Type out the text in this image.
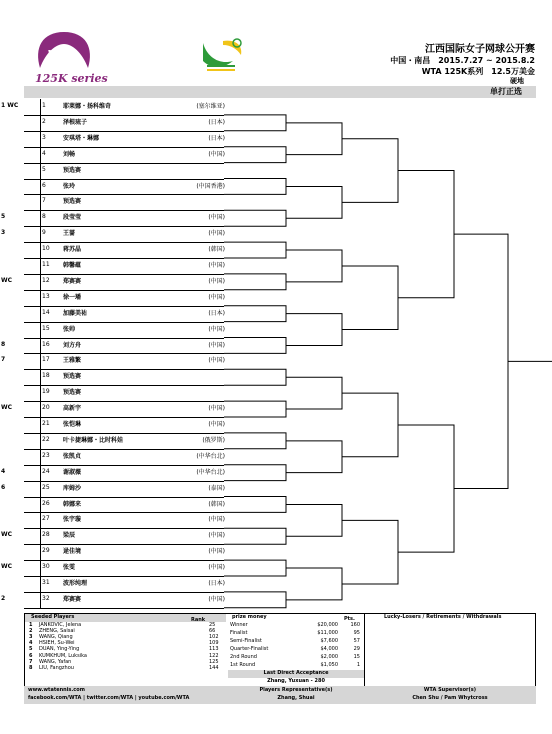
WTA
125K series
江西国际女子网球公开赛
中国・南昌　2015.7.27 ~ 2015.8.2
WTA 125K系列　12.5万美金
硬地
单打正选
1 WC	1	耶莱娜・扬科维奇	(塞尔维亚)
2	泽根琉子	(日本)
3	安琪塔・琳娜	(日本)
4	刘畅	(中国)
5	预选赛
6	张玲	(中国香港)
7	预选赛
5	8	段莹莹	(中国)
3	9	王蔷	(中国)
10 蒋苏晶	(韩国)
11 韩馨蕴	(中国)
WC	12 郑赛赛	(中国)
13 徐一璠	(中国)
14 加藤美祐	(日本)
15 张帅	(中国)
8	16 刘方舟	(中国)
7	17 王雅繁	(中国)
18 预选赛
19 预选赛
WC	20 高新宇	(中国)
21 张恺琳	(中国)
22 叶卡捷琳娜・比时科娃	(俄罗斯)
23 张凯贞	(中华台北)
4	24 谢淑薇	(中华台北)
6	25 库姆沙	(泰国)
26 韩娜来	(韩国)
27 张宇璇	(中国)
WC	28 梁辰	(中国)
29 逯佳境	(中国)
WC	30 张雯	(中国)
31 波形纯理	(日本)
2	32 郑赛赛	(中国)
Seeded Players	Rank	prize money	Pts.	Lucky-Losers / Retirements / Withdrawals
1 JANKOVIC, Jelena	25
2 ZHENG, Saisai	66
3 WANG, Qiang	102
4 HSIEH, Su-Wei	109
5 DUAN, Ying-Ying	113
6 KUMKHUM, Luksika	122
7 WANG, Yafan	125
8 LIU, Fangzhou	144
Winner	$20,000 160
Finalist	$11,000	95
Semi-Finalist	$7,600	57
Quarter-Finalist	$4,000	29
2nd Round	$2,000	15
1st Round	$1,050	1
Last Direct Acceptance
Zhang, Yuxuan - 280
www.wtatennis.com
facebook.com/WTA | twitter.com/WTA | youtube.com/WTA
Players Representative(s)
Zhang, Shuai
WTA Supervisor(s)
Chen Shu / Pam Whytcross
